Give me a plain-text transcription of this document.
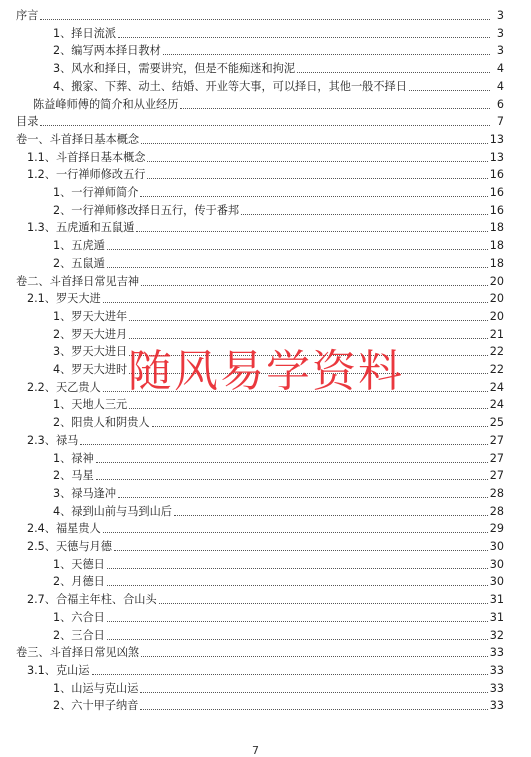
序言	3
1、择日流派	3
2、编写两本择日教材	3
3、风水和择日，需要讲究，但是不能痴迷和拘泥	4
4、搬家、下葬、动土、结婚、开业等大事，可以择日，其他一般不择日	4
陈益峰师傅的简介和从业经历	6
目录	7
卷一、斗首择日基本概念	13
1.1、斗首择日基本概念	13
1.2、一行禅师修改五行	16
1、一行禅师简介	16
2、一行禅师修改择日五行，传于番邦	16
1.3、五虎遁和五鼠遁	18
1、五虎遁	18
2、五鼠遁	18
卷二、斗首择日常见吉神	20
2.1、罗天大进	20
1、罗天大进年	20
2、罗天大进月	21
3、罗天大进日	22
4、罗天大进时	22
2.2、天乙贵人	24
1、天地人三元	24
2、阳贵人和阴贵人	25
2.3、禄马	27
1、禄神	27
2、马星	27
3、禄马逢冲	28
4、禄到山前与马到山后	28
2.4、福星贵人	29
2.5、天德与月德	30
1、天德日	30
2、月德日	30
2.7、合福主年柱、合山头	31
1、六合日	31
2、三合日	32
卷三、斗首择日常见凶煞	33
3.1、克山运	33
1、山运与克山运	33
2、六十甲子纳音	33
随风易学资料
7
